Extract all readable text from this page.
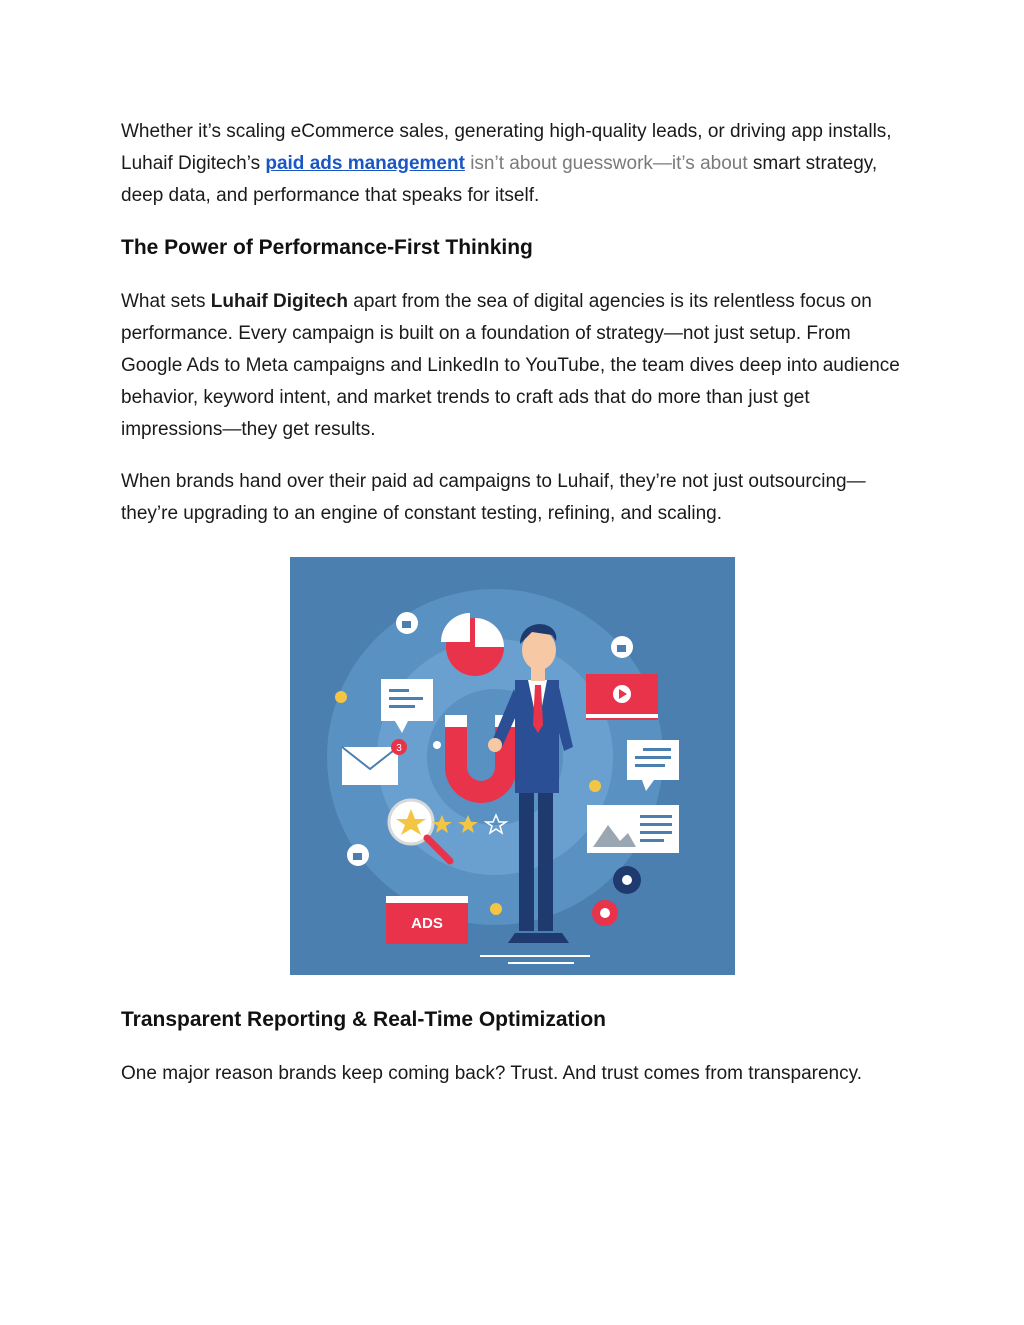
Whether it’s scaling eCommerce sales, generating high-quality leads, or driving app installs, Luhaif Digitech’s paid ads management isn’t about guesswork—it’s about smart strategy, deep data, and performance that speaks for itself.

The Power of Performance-First Thinking

What sets Luhaif Digitech apart from the sea of digital agencies is its relentless focus on performance. Every campaign is built on a foundation of strategy—not just setup. From Google Ads to Meta campaigns and LinkedIn to YouTube, the team dives deep into audience behavior, keyword intent, and market trends to craft ads that do more than just get impressions—they get results.

When brands hand over their paid ad campaigns to Luhaif, they’re not just outsourcing—they’re upgrading to an engine of constant testing, refining, and scaling.

3
ADS
Transparent Reporting & Real-Time Optimization

One major reason brands keep coming back? Trust. And trust comes from transparency.
